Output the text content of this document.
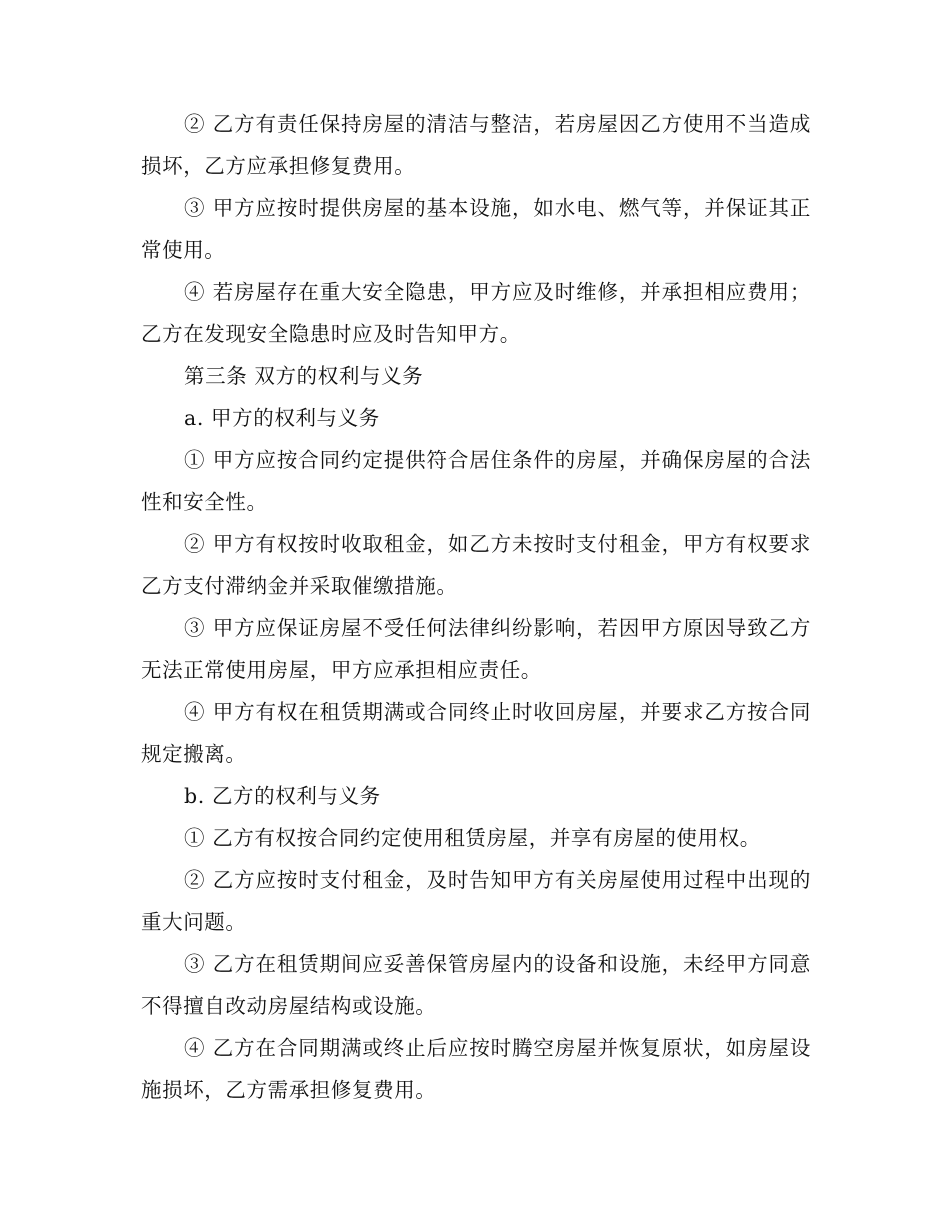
② 乙方有责任保持房屋的清洁与整洁，若房屋因乙方使用不当造成损坏，乙方应承担修复费用。

③ 甲方应按时提供房屋的基本设施，如水电、燃气等，并保证其正常使用。

④ 若房屋存在重大安全隐患，甲方应及时维修，并承担相应费用；乙方在发现安全隐患时应及时告知甲方。

第三条 双方的权利与义务

a. 甲方的权利与义务

① 甲方应按合同约定提供符合居住条件的房屋，并确保房屋的合法性和安全性。

② 甲方有权按时收取租金，如乙方未按时支付租金，甲方有权要求乙方支付滞纳金并采取催缴措施。

③ 甲方应保证房屋不受任何法律纠纷影响，若因甲方原因导致乙方无法正常使用房屋，甲方应承担相应责任。

④ 甲方有权在租赁期满或合同终止时收回房屋，并要求乙方按合同规定搬离。

b. 乙方的权利与义务

① 乙方有权按合同约定使用租赁房屋，并享有房屋的使用权。

② 乙方应按时支付租金，及时告知甲方有关房屋使用过程中出现的重大问题。

③ 乙方在租赁期间应妥善保管房屋内的设备和设施，未经甲方同意不得擅自改动房屋结构或设施。

④ 乙方在合同期满或终止后应按时腾空房屋并恢复原状，如房屋设施损坏，乙方需承担修复费用。
